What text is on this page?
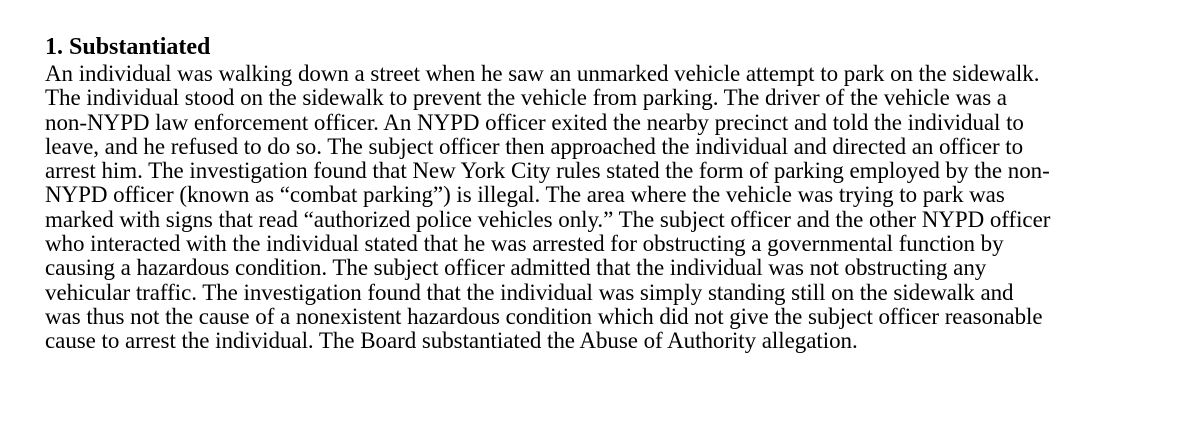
1. Substantiated

An individual was walking down a street when he saw an unmarked vehicle attempt to park on the sidewalk.
The individual stood on the sidewalk to prevent the vehicle from parking. The driver of the vehicle was a
non-NYPD law enforcement officer. An NYPD officer exited the nearby precinct and told the individual to
leave, and he refused to do so. The subject officer then approached the individual and directed an officer to
arrest him. The investigation found that New York City rules stated the form of parking employed by the non-
NYPD officer (known as “combat parking”) is illegal. The area where the vehicle was trying to park was
marked with signs that read “authorized police vehicles only.” The subject officer and the other NYPD officer
who interacted with the individual stated that he was arrested for obstructing a governmental function by
causing a hazardous condition. The subject officer admitted that the individual was not obstructing any
vehicular traffic. The investigation found that the individual was simply standing still on the sidewalk and
was thus not the cause of a nonexistent hazardous condition which did not give the subject officer reasonable
cause to arrest the individual. The Board substantiated the Abuse of Authority allegation.
